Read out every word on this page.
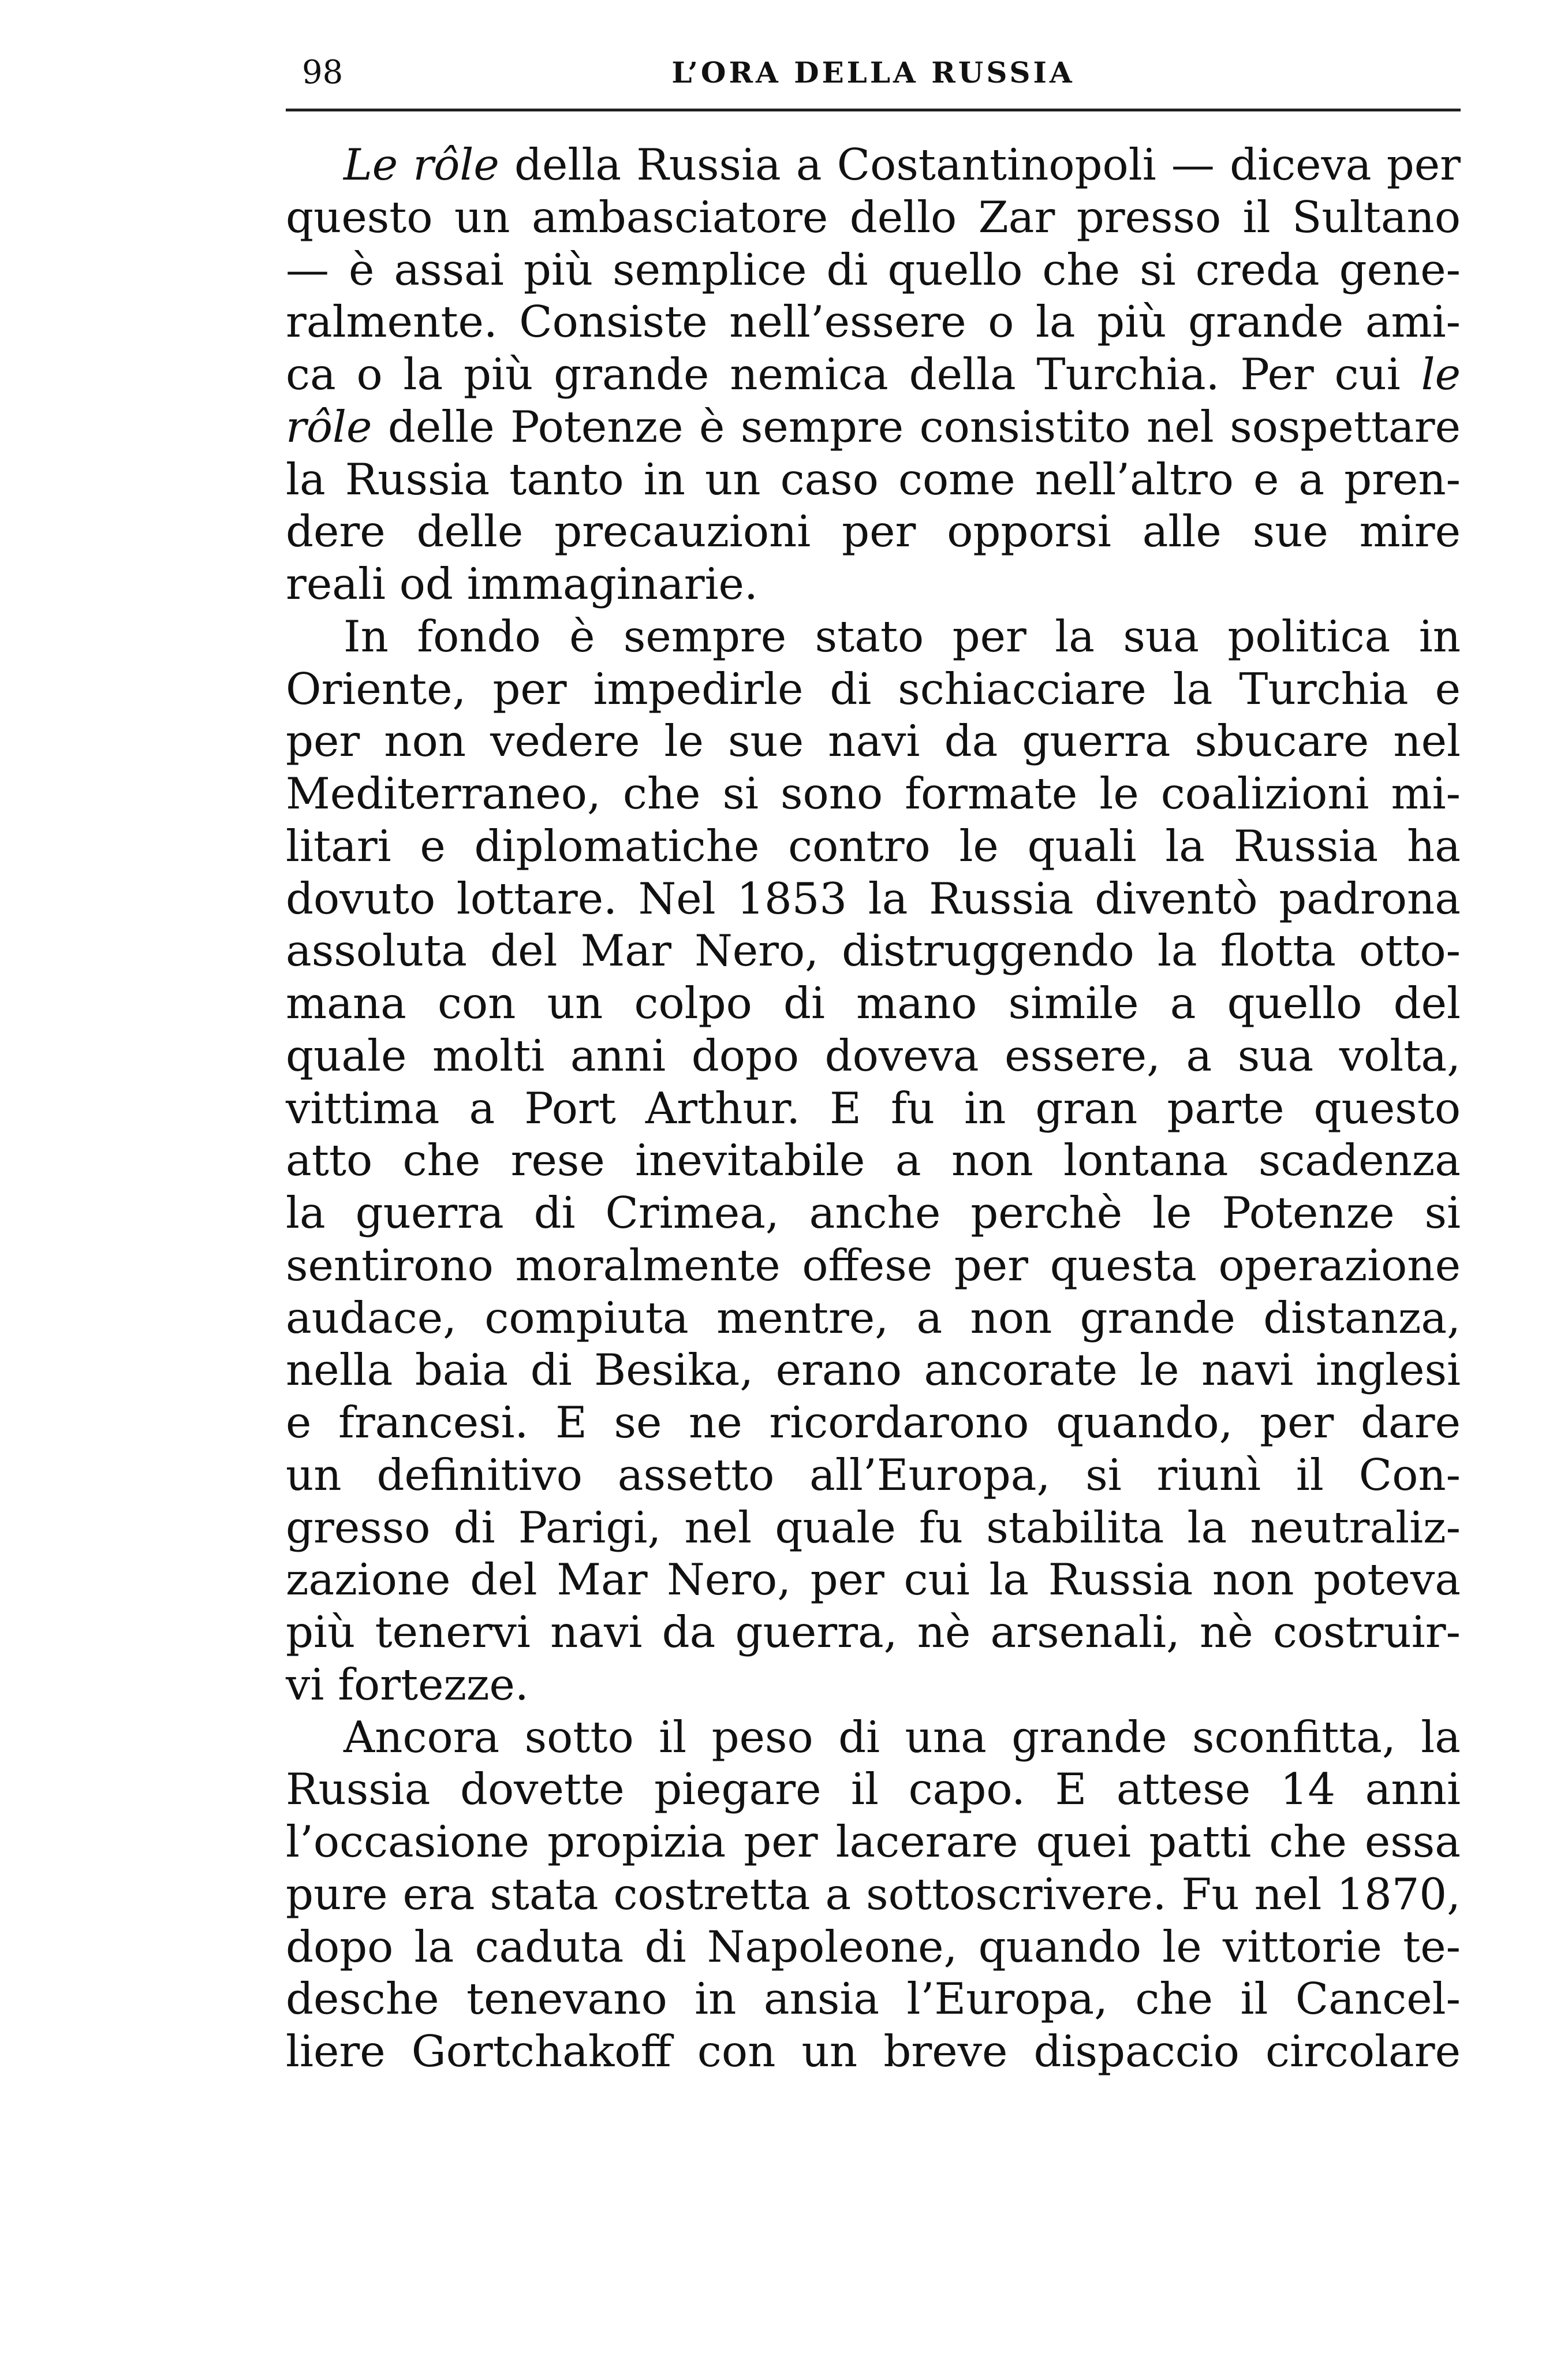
98	L’ORA DELLA RUSSIA
Le rôle della Russia a Costantinopoli — diceva per
questo un ambasciatore dello Zar presso il Sultano
— è assai più semplice di quello che si creda gene-
ralmente. Consiste nell’essere o la più grande ami-
ca o la più grande nemica della Turchia. Per cui le
rôle delle Potenze è sempre consistito nel sospettare
la Russia tanto in un caso come nell’altro e a pren-
dere delle precauzioni per opporsi alle sue mire
reali od immaginarie.
In fondo è sempre stato per la sua politica in
Oriente, per impedirle di schiacciare la Turchia e
per non vedere le sue navi da guerra sbucare nel
Mediterraneo, che si sono formate le coalizioni mi-
litari e diplomatiche contro le quali la Russia ha
dovuto lottare. Nel 1853 la Russia diventò padrona
assoluta del Mar Nero, distruggendo la flotta otto-
mana con un colpo di mano simile a quello del
quale molti anni dopo doveva essere, a sua volta,
vittima a Port Arthur. E fu in gran parte questo
atto che rese inevitabile a non lontana scadenza
la guerra di Crimea, anche perchè le Potenze si
sentirono moralmente offese per questa operazione
audace, compiuta mentre, a non grande distanza,
nella baia di Besika, erano ancorate le navi inglesi
e francesi. E se ne ricordarono quando, per dare
un definitivo assetto all’Europa, si riunì il Con-
gresso di Parigi, nel quale fu stabilita la neutraliz-
zazione del Mar Nero, per cui la Russia non poteva
più tenervi navi da guerra, nè arsenali, nè costruir-
vi fortezze.
Ancora sotto il peso di una grande sconfitta, la
Russia dovette piegare il capo. E attese 14 anni
l’occasione propizia per lacerare quei patti che essa
pure era stata costretta a sottoscrivere. Fu nel 1870,
dopo la caduta di Napoleone, quando le vittorie te-
desche tenevano in ansia l’Europa, che il Cancel-
liere Gortchakoff con un breve dispaccio circolare
